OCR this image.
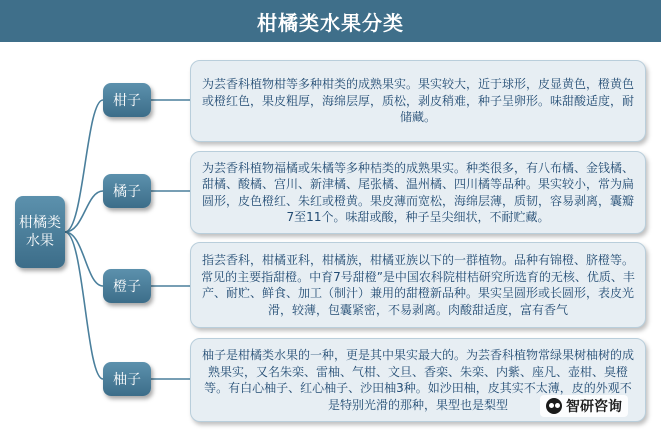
柑橘类水果分类
柑橘类水果
柑子
橘子
橙子
柚子
为芸香科植物柑等多种柑类的成熟果实。果实较大，近于球形，皮显黄色，橙黄色或橙红色，果皮粗厚，海绵层厚，质松，剥皮稍难，种子呈卵形。味甜酸适度，耐储藏。
为芸香科植物福橘或朱橘等多种桔类的成熟果实。种类很多，有八布橘、金钱橘、甜橘、酸橘、宫川、新津橘、尾张橘、温州橘、四川橘等品种。果实较小，常为扁圆形，皮色橙红、朱红或橙黄。果皮薄而宽松，海绵层薄，质韧，容易剥离，囊瓣7至11个。味甜或酸，种子呈尖细状，不耐贮藏。
指芸香科，柑橘亚科，柑橘族，柑橘亚族以下的一群植物。品种有锦橙、脐橙等。常见的主要指甜橙。中育7号甜橙”是中国农科院柑桔研究所选育的无核、优质、丰产、耐贮、鲜食、加工（制汁）兼用的甜橙新品种。果实呈圆形或长圆形，表皮光滑，较薄，包囊紧密，不易剥离。肉酸甜适度，富有香气
柚子是柑橘类水果的一种，更是其中果实最大的。为芸香科植物常绿果树柚树的成熟果实，又名朱栾、雷柚、气柑、文旦、香栾、朱栾、内紫、座凡、壶柑、臭橙等。有白心柚子、红心柚子、沙田柚3种。如沙田柚，皮其实不太薄，皮的外观不是特别光滑的那种，果型也是梨型	智研咨询
